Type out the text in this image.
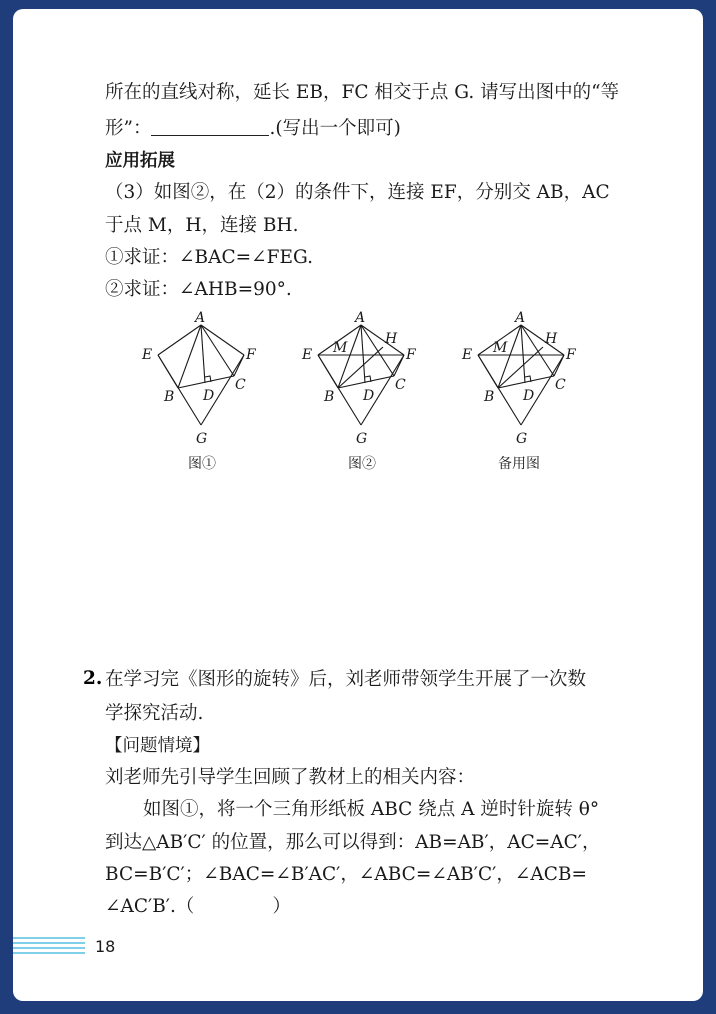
所在的直线对称，延长 EB，FC 相交于点 G. 请写出图中的“等
形”：	.(写出一个即可)
应用拓展
（3）如图②，在（2）的条件下，连接 EF，分别交 AB，AC
于点 M，H，连接 BH.
①求证：∠BAC=∠FEG.
②求证：∠AHB=90°.
A
E	F
B
C
D
G
图①
A
E	F
H
M
B
C
D
G
图②
A
E	F
H
M
B
C
D
G
备用图
2. 在学习完《图形的旋转》后，刘老师带领学生开展了一次数
学探究活动.
【问题情境】
刘老师先引导学生回顾了教材上的相关内容：
如图①，将一个三角形纸板 ABC 绕点 A 逆时针旋转 θ°
到达△AB′C′ 的位置，那么可以得到：AB=AB′，AC=AC′，
BC=B′C′；∠BAC=∠B′AC′，∠ABC=∠AB′C′，∠ACB=
∠AC′B′.（	）
18
